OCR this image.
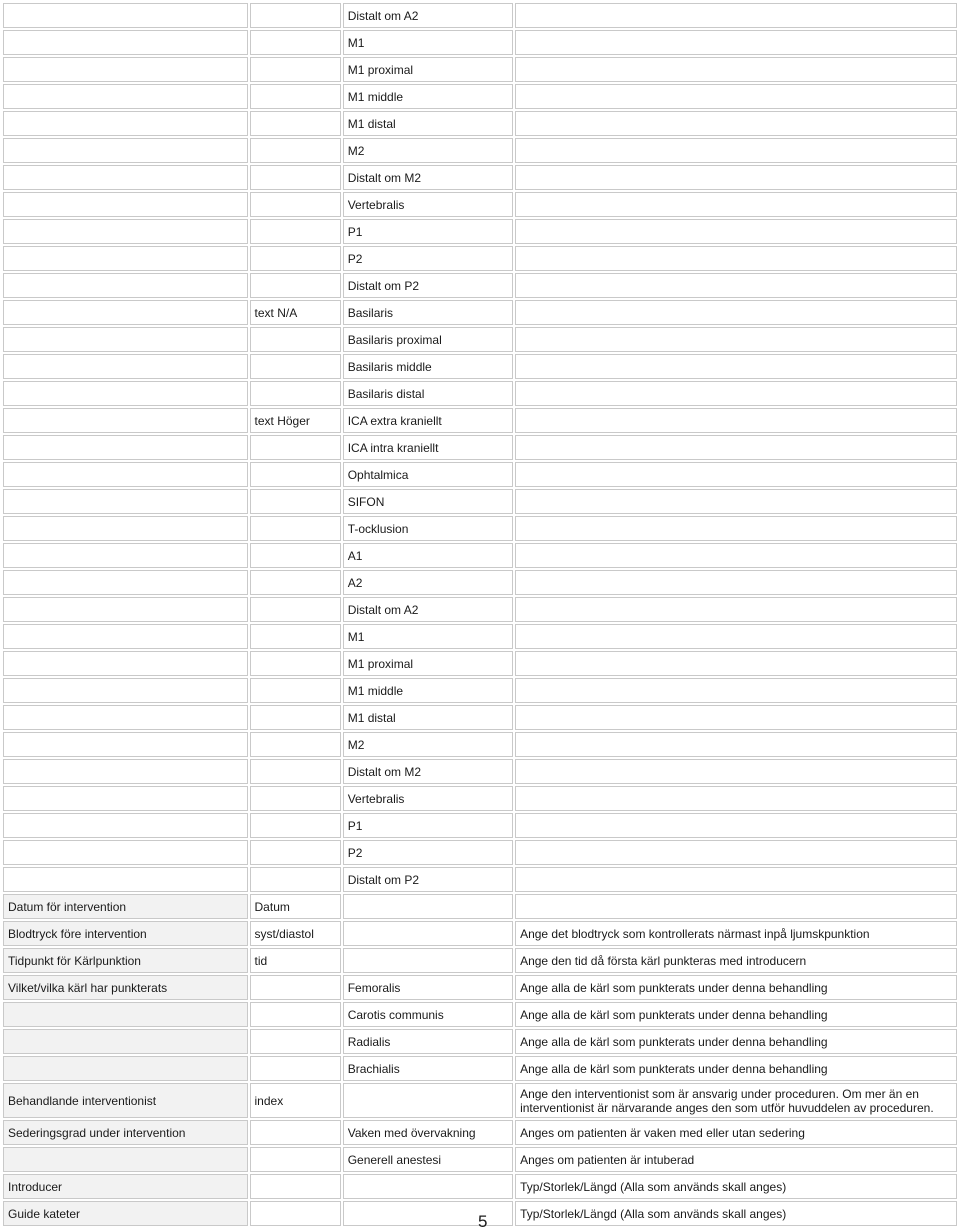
		Distalt om A2	
		M1	
		M1 proximal	
		M1 middle	
		M1 distal	
		M2	
		Distalt om M2	
		Vertebralis	
		P1	
		P2	
		Distalt om P2	
	text N/A	Basilaris	
		Basilaris proximal	
		Basilaris middle	
		Basilaris distal	
	text Höger	ICA extra kraniellt	
		ICA intra kraniellt	
		Ophtalmica	
		SIFON	
		T-ocklusion	
		A1	
		A2	
		Distalt om A2	
		M1	
		M1 proximal	
		M1 middle	
		M1 distal	
		M2	
		Distalt om M2	
		Vertebralis	
		P1	
		P2	
		Distalt om P2	
Datum för intervention	Datum		
Blodtryck före intervention	syst/diastol		Ange det blodtryck som kontrollerats närmast inpå ljumskpunktion
Tidpunkt för Kärlpunktion	tid		Ange den tid då första kärl punkteras med introducern
Vilket/vilka kärl har punkterats		Femoralis	Ange alla de kärl som punkterats under denna behandling
		Carotis communis	Ange alla de kärl som punkterats under denna behandling
		Radialis	Ange alla de kärl som punkterats under denna behandling
		Brachialis	Ange alla de kärl som punkterats under denna behandling
Behandlande interventionist	index		Ange den interventionist som är ansvarig under proceduren. Om mer än en interventionist är närvarande anges den som utför huvuddelen av proceduren.
Sederingsgrad under intervention		Vaken med övervakning	Anges om patienten är vaken med eller utan sedering
		Generell anestesi	Anges om patienten är intuberad
Introducer			Typ/Storlek/Längd (Alla som används skall anges)
Guide kateter			Typ/Storlek/Längd (Alla som används skall anges)
5
